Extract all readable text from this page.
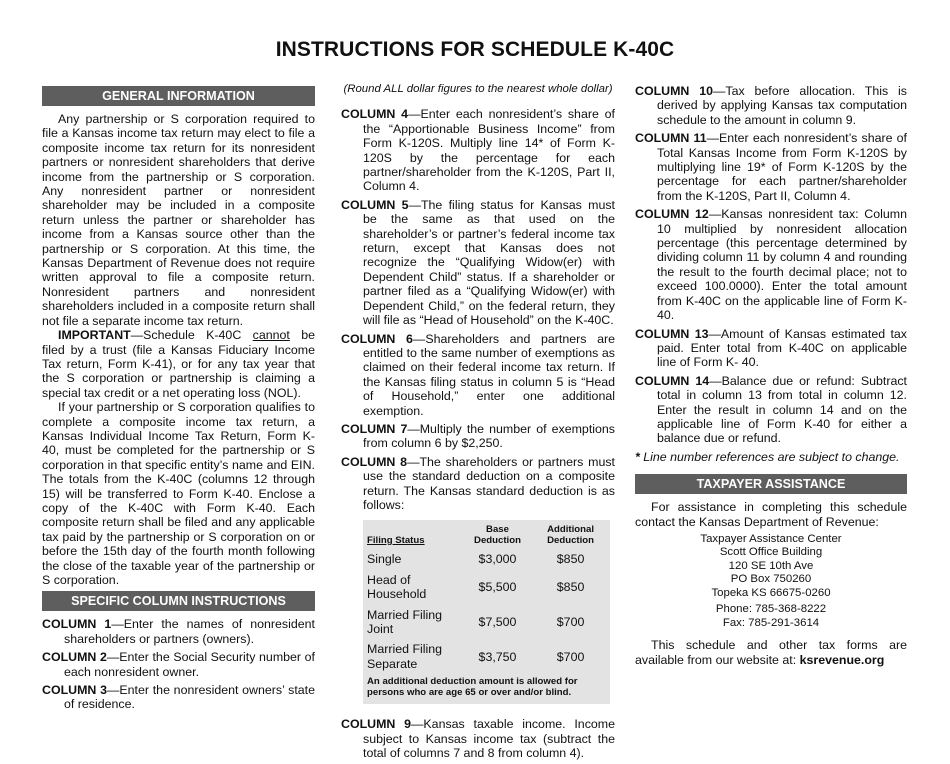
INSTRUCTIONS FOR SCHEDULE K-40C
GENERAL INFORMATION

Any partnership or S corporation required to file a Kansas income tax return may elect to file a composite income tax return for its nonresident partners or nonresident shareholders that derive income from the partnership or S corporation. Any nonresident partner or nonresident shareholder may be included in a composite return unless the partner or shareholder has income from a Kansas source other than the partnership or S corporation. At this time, the Kansas Department of Revenue does not require written approval to file a composite return. Nonresident partners and nonresident shareholders included in a composite return shall not file a separate income tax return.

IMPORTANT—Schedule K-40C cannot be filed by a trust (file a Kansas Fiduciary Income Tax return, Form K-41), or for any tax year that the S corporation or partnership is claiming a special tax credit or a net operating loss (NOL).

If your partnership or S corporation qualifies to complete a composite income tax return, a Kansas Individual Income Tax Return, Form K-40, must be completed for the partnership or S corporation in that specific entity’s name and EIN. The totals from the K-40C (columns 12 through 15) will be transferred to Form K-40. Enclose a copy of the K-40C with Form K-40. Each composite return shall be filed and any applicable tax paid by the partnership or S corporation on or before the 15th day of the fourth month following the close of the taxable year of the partnership or S corporation.

SPECIFIC COLUMN INSTRUCTIONS

COLUMN 1—Enter the names of nonresident shareholders or partners (owners).

COLUMN 2—Enter the Social Security number of each nonresident owner.

COLUMN 3—Enter the nonresident owners’ state of residence.

(Round ALL dollar figures to the nearest whole dollar)

COLUMN 4—Enter each nonresident’s share of the “Apportionable Business Income” from Form K-120S. Multiply line 14* of Form K-120S by the percentage for each partner/shareholder from the K-120S, Part II, Column 4.

COLUMN 5—The filing status for Kansas must be the same as that used on the shareholder’s or partner’s federal income tax return, except that Kansas does not recognize the “Qualifying Widow(er) with Dependent Child” status. If a shareholder or partner filed as a “Qualifying Widow(er) with Dependent Child,” on the federal return, they will file as “Head of Household” on the K-40C.

COLUMN 6—Shareholders and partners are entitled to the same number of exemptions as claimed on their federal income tax return. If the Kansas filing status in column 5 is “Head of Household,” enter one additional exemption.

COLUMN 7—Multiply the number of exemptions from column 6 by $2,250.

COLUMN 8—The shareholders or partners must use the standard deduction on a composite return. The Kansas standard deduction is as follows:

Filing Status	Base Deduction	Additional Deduction
Single	$3,000	$850
Head of Household	$5,500	$850
Married Filing Joint	$7,500	$700
Married Filing Separate	$3,750	$700
An additional deduction amount is allowed for persons who are age 65 or over and/or blind.

COLUMN 9—Kansas taxable income. Income subject to Kansas income tax (subtract the total of columns 7 and 8 from column 4).

COLUMN 10—Tax before allocation. This is derived by applying Kansas tax computation schedule to the amount in column 9.

COLUMN 11—Enter each nonresident’s share of Total Kansas Income from Form K-120S by multiplying line 19* of Form K-120S by the percentage for each partner/shareholder from the K-120S, Part II, Column 4.

COLUMN 12—Kansas nonresident tax: Column 10 multiplied by nonresident allocation percentage (this percentage determined by dividing column 11 by column 4 and rounding the result to the fourth decimal place; not to exceed 100.0000). Enter the total amount from K-40C on the applicable line of Form K-40.

COLUMN 13—Amount of Kansas estimated tax paid. Enter total from K-40C on applicable line of Form K- 40.

COLUMN 14—Balance due or refund: Subtract total in column 13 from total in column 12. Enter the result in column 14 and on the applicable line of Form K-40 for either a balance due or refund.

* Line number references are subject to change.

TAXPAYER ASSISTANCE

For assistance in completing this schedule contact the Kansas Department of Revenue:

Taxpayer Assistance Center
Scott Office Building
120 SE 10th Ave
PO Box 750260
Topeka KS 66675-0260
Phone: 785-368-8222
Fax: 785-291-3614

This schedule and other tax forms are available from our website at: ksrevenue.org
